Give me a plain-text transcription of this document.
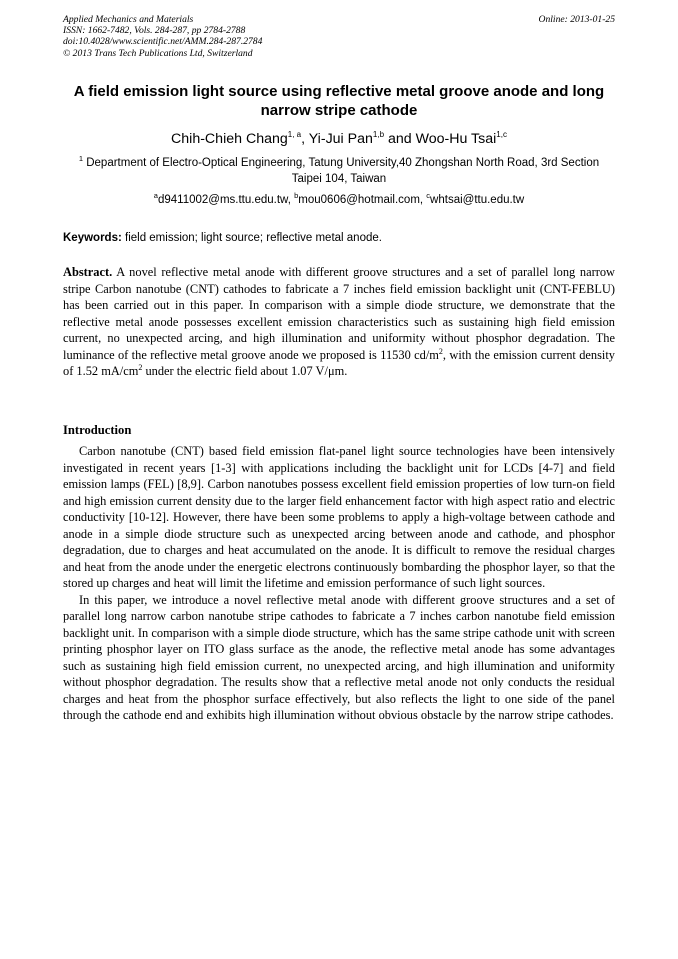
Applied Mechanics and Materials
ISSN: 1662-7482, Vols. 284-287, pp 2784-2788
doi:10.4028/www.scientific.net/AMM.284-287.2784
© 2013 Trans Tech Publications Ltd, Switzerland
Online: 2013-01-25
A field emission light source using reflective metal groove anode and long narrow stripe cathode
Chih-Chieh Chang$^{1, a}$, Yi-Jui Pan$^{1,b}$ and Woo-Hu Tsai$^{1,c}$
$^1$ Department of Electro-Optical Engineering, Tatung University,40 Zhongshan North Road, 3rd Section Taipei 104, Taiwan
$^a$d9411002@ms.ttu.edu.tw, $^b$mou0606@hotmail.com, $^c$whtsai@ttu.edu.tw
Keywords: field emission; light source; reflective metal anode.
Abstract. A novel reflective metal anode with different groove structures and a set of parallel long narrow stripe Carbon nanotube (CNT) cathodes to fabricate a 7 inches field emission backlight unit (CNT-FEBLU) has been carried out in this paper. In comparison with a simple diode structure, we demonstrate that the reflective metal anode possesses excellent emission characteristics such as sustaining high field emission current, no unexpected arcing, and high illumination and uniformity without phosphor degradation. The luminance of the reflective metal groove anode we proposed is 11530 $cd/m^2$, with the emission current density of 1.52 $mA/cm^2$ under the electric field about 1.07 V/μm.
Introduction

Carbon nanotube (CNT) based field emission flat-panel light source technologies have been intensively investigated in recent years [1-3] with applications including the backlight unit for LCDs [4-7] and field emission lamps (FEL) [8,9]. Carbon nanotubes possess excellent field emission properties of low turn-on field and high emission current density due to the larger field enhancement factor with high aspect ratio and electric conductivity [10-12]. However, there have been some problems to apply a high-voltage between cathode and anode in a simple diode structure such as unexpected arcing between anode and cathode, and phosphor degradation, due to charges and heat accumulated on the anode. It is difficult to remove the residual charges and heat from the anode under the energetic electrons continuously bombarding the phosphor layer, so that the stored up charges and heat will limit the lifetime and emission performance of such light sources.

In this paper, we introduce a novel reflective metal anode with different groove structures and a set of parallel long narrow carbon nanotube stripe cathodes to fabricate a 7 inches carbon nanotube field emission backlight unit. In comparison with a simple diode structure, which has the same stripe cathode unit with screen printing phosphor layer on ITO glass surface as the anode, the reflective metal anode has some advantages such as sustaining high field emission current, no unexpected arcing, and high illumination and uniformity without phosphor degradation. The results show that a reflective metal anode not only conducts the residual charges and heat from the phosphor surface effectively, but also reflects the light to one side of the panel through the cathode end and exhibits high illumination without obvious obstacle by the narrow stripe cathodes.
